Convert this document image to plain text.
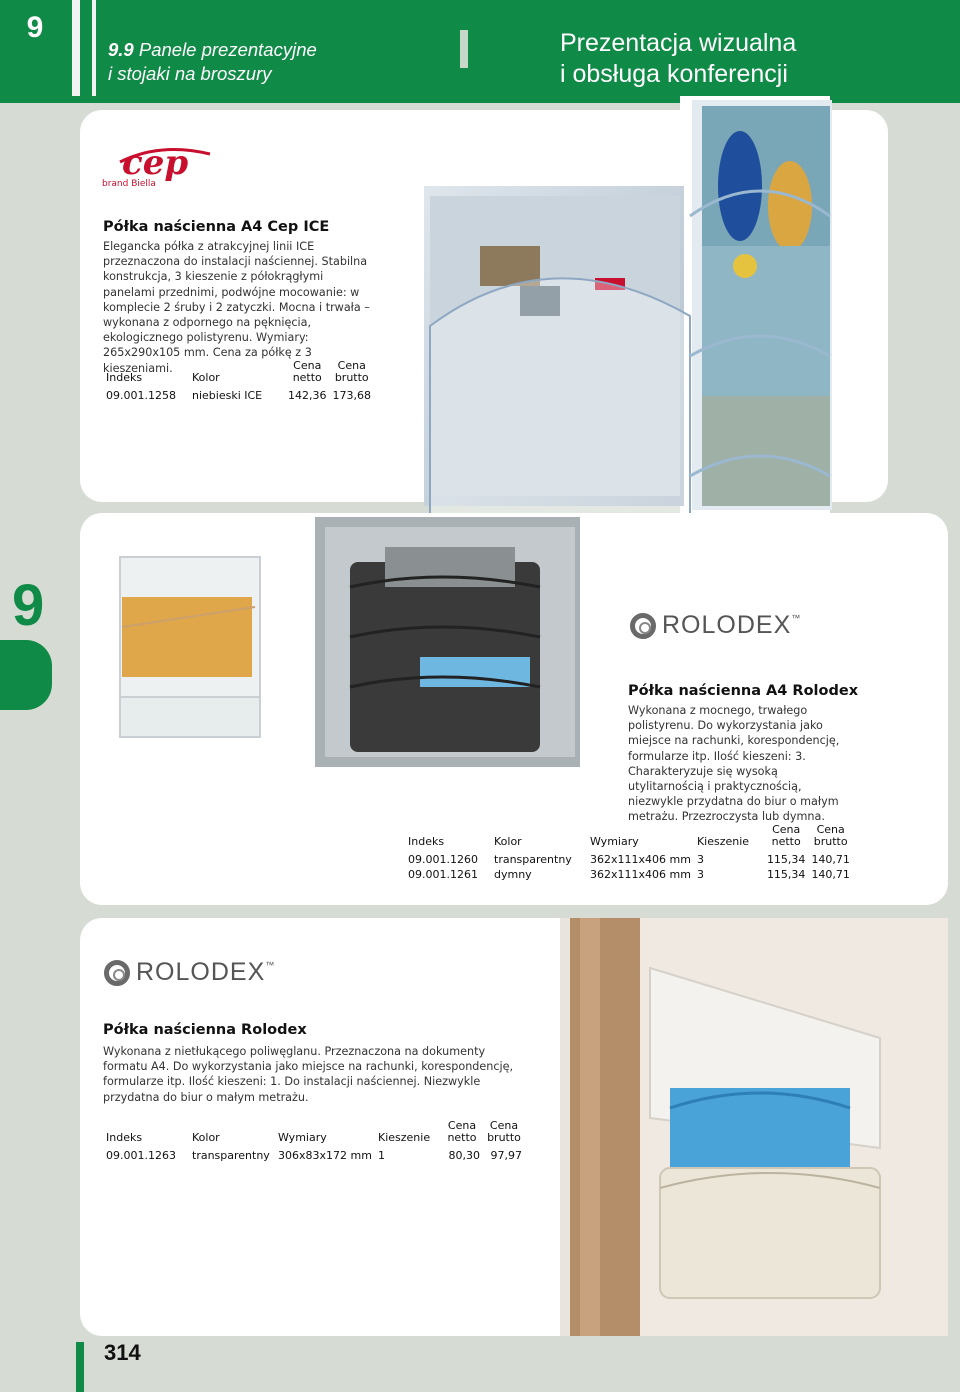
9
9.9 Panele prezentacyjne
i stojaki na broszury
Prezentacja wizualna
i obsługa konferencji
9
cep
brand Biella
Półka naścienna A4 Cep ICE
Elegancka półka z atrakcyjnej linii ICE przeznaczona do instalacji naściennej. Stabilna konstrukcja, 3 kieszenie z półokrągłymi panelami przednimi, podwójne mocowanie: w komplecie 2 śruby i 2 zatyczki. Mocna i trwała – wykonana z odpornego na pęknięcia, ekologicznego polistyrenu. Wymiary: 265x290x105 mm. Cena za półkę z 3 kieszeniami.
Indeks	Kolor	Cena netto	Cena brutto
09.001.1258	niebieski ICE	142,36	173,68
ROLODEX ™
Półka naścienna A4 Rolodex
Wykonana z mocnego, trwałego polistyrenu. Do wykorzystania jako miejsce na rachunki, korespondencję, formularze itp. Ilość kieszeni: 3. Charakteryzuje się wysoką utylitarnością i praktycznością, niezwykle przydatna do biur o małym metrażu. Przezroczysta lub dymna.
Indeks	Kolor	Wymiary	Kieszenie	Cena netto	Cena brutto
09.001.1260	transparentny	362x111x406 mm	3	115,34	140,71
09.001.1261	dymny	362x111x406 mm	3	115,34	140,71
ROLODEX ™
Półka naścienna Rolodex
Wykonana z nietłukącego poliwęglanu. Przeznaczona na dokumenty formatu A4. Do wykorzystania jako miejsce na rachunki, korespondencję, formularze itp. Ilość kieszeni: 1. Do instalacji naściennej. Niezwykle przydatna do biur o małym metrażu.
Indeks	Kolor	Wymiary	Kieszenie	Cena netto	Cena brutto
09.001.1263	transparentny	306x83x172 mm	1	80,30	97,97
314
